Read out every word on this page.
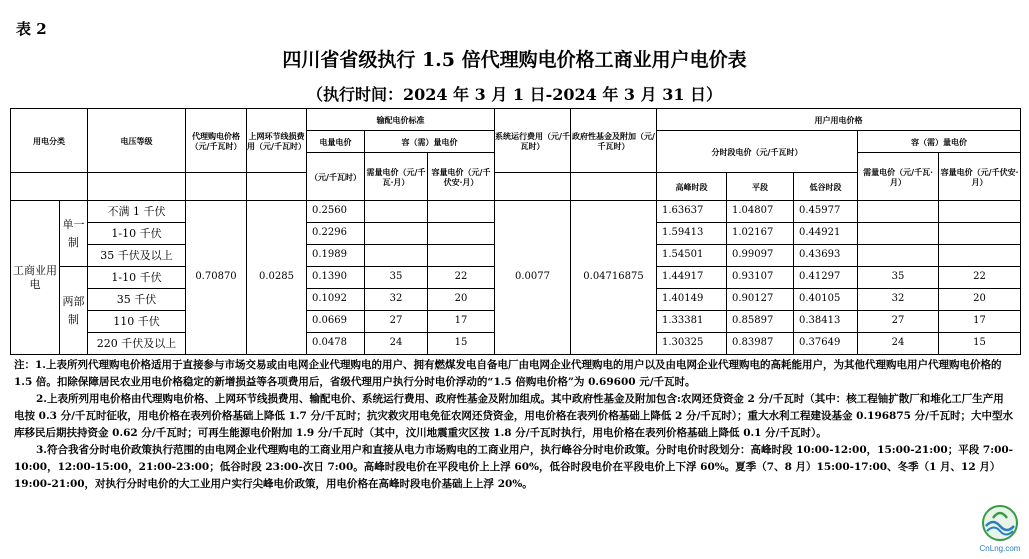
表 2
四川省省级执行 1.5 倍代理购电价格工商业用户电价表
（执行时间：2024 年 3 月 1 日-2024 年 3 月 31 日）
用电分类		电压等级	代理购电价格（元/千瓦时）	上网环节线损费用（元/千瓦时）	输配电价标准			系统运行费用（元/千瓦时）	政府性基金及附加（元/千瓦时）	用户用电价格				
					电量电价	容（需）量电价				分时段电价（元/千瓦时）			容（需）量电价	
					（元/千瓦时）	需量电价（元/千瓦·月）	容量电价（元/千伏安·月）						需量电价（元/千瓦·月）	容量电价（元/千伏安·月）
										高峰时段	平段	低谷时段		
工商业用电	单一制	不满 1 千伏	0.70870	0.0285	0.2560			0.0077	0.04716875	1.63637	1.04807	0.45977		
		1-10 千伏			0.2296					1.59413	1.02167	0.44921		
		35 千伏及以上			0.1989					1.54501	0.99097	0.43693		
	两部制	1-10 千伏			0.1390	35	22			1.44917	0.93107	0.41297	35	22
		35 千伏			0.1092	32	20			1.40149	0.90127	0.40105	32	20
		110 千伏			0.0669	27	17			1.33381	0.85897	0.38413	27	17
		220 千伏及以上			0.0478	24	15			1.30325	0.83987	0.37649	24	15

注：1.上表所列代理购电价格适用于直接参与市场交易或由电网企业代理购电的用户、拥有燃煤发电自备电厂由电网企业代理购电的用户以及由电网企业代理购电的高耗能用户，为其他代理购电用户代理购电价格的 1.5 倍。扣除保障居民农业用电价格稳定的新增损益等各项费用后，省级代理用户执行分时电价浮动的“1.5 倍购电价格”为 0.69600 元/千瓦时。

2.上表所列用电价格由代理购电价格、上网环节线损费用、输配电价、系统运行费用、政府性基金及附加组成。其中政府性基金及附加包含:农网还贷资金 2 分/千瓦时（其中：核工程铀扩散厂和堆化工厂生产用电按 0.3 分/千瓦时征收，用电价格在表列价格基础上降低 1.7 分/千瓦时；抗灾救灾用电免征农网还贷资金，用电价格在表列价格基础上降低 2 分/千瓦时）；重大水利工程建设基金 0.196875 分/千瓦时；大中型水库移民后期扶持资金 0.62 分/千瓦时；可再生能源电价附加 1.9 分/千瓦时（其中，汶川地震重灾区按 1.8 分/千瓦时执行，用电价格在表列价格基础上降低 0.1 分/千瓦时）。

3.符合我省分时电价政策执行范围的由电网企业代理购电的工商业用户和直接从电力市场购电的工商业用户，执行峰谷分时电价政策。分时电价时段划分：高峰时段 10:00-12:00，15:00-21:00；平段 7:00-10:00，12:00-15:00，21:00-23:00；低谷时段 23:00-次日 7:00。高峰时段电价在平段电价上上浮 60%，低谷时段电价在平段电价上下浮 60%。夏季（7、8 月）15:00-17:00、冬季（1 月、12 月）19:00-21:00，对执行分时电价的大工业用户实行尖峰电价政策，用电价格在高峰时段电价基础上上浮 20%。

CnLng.com
